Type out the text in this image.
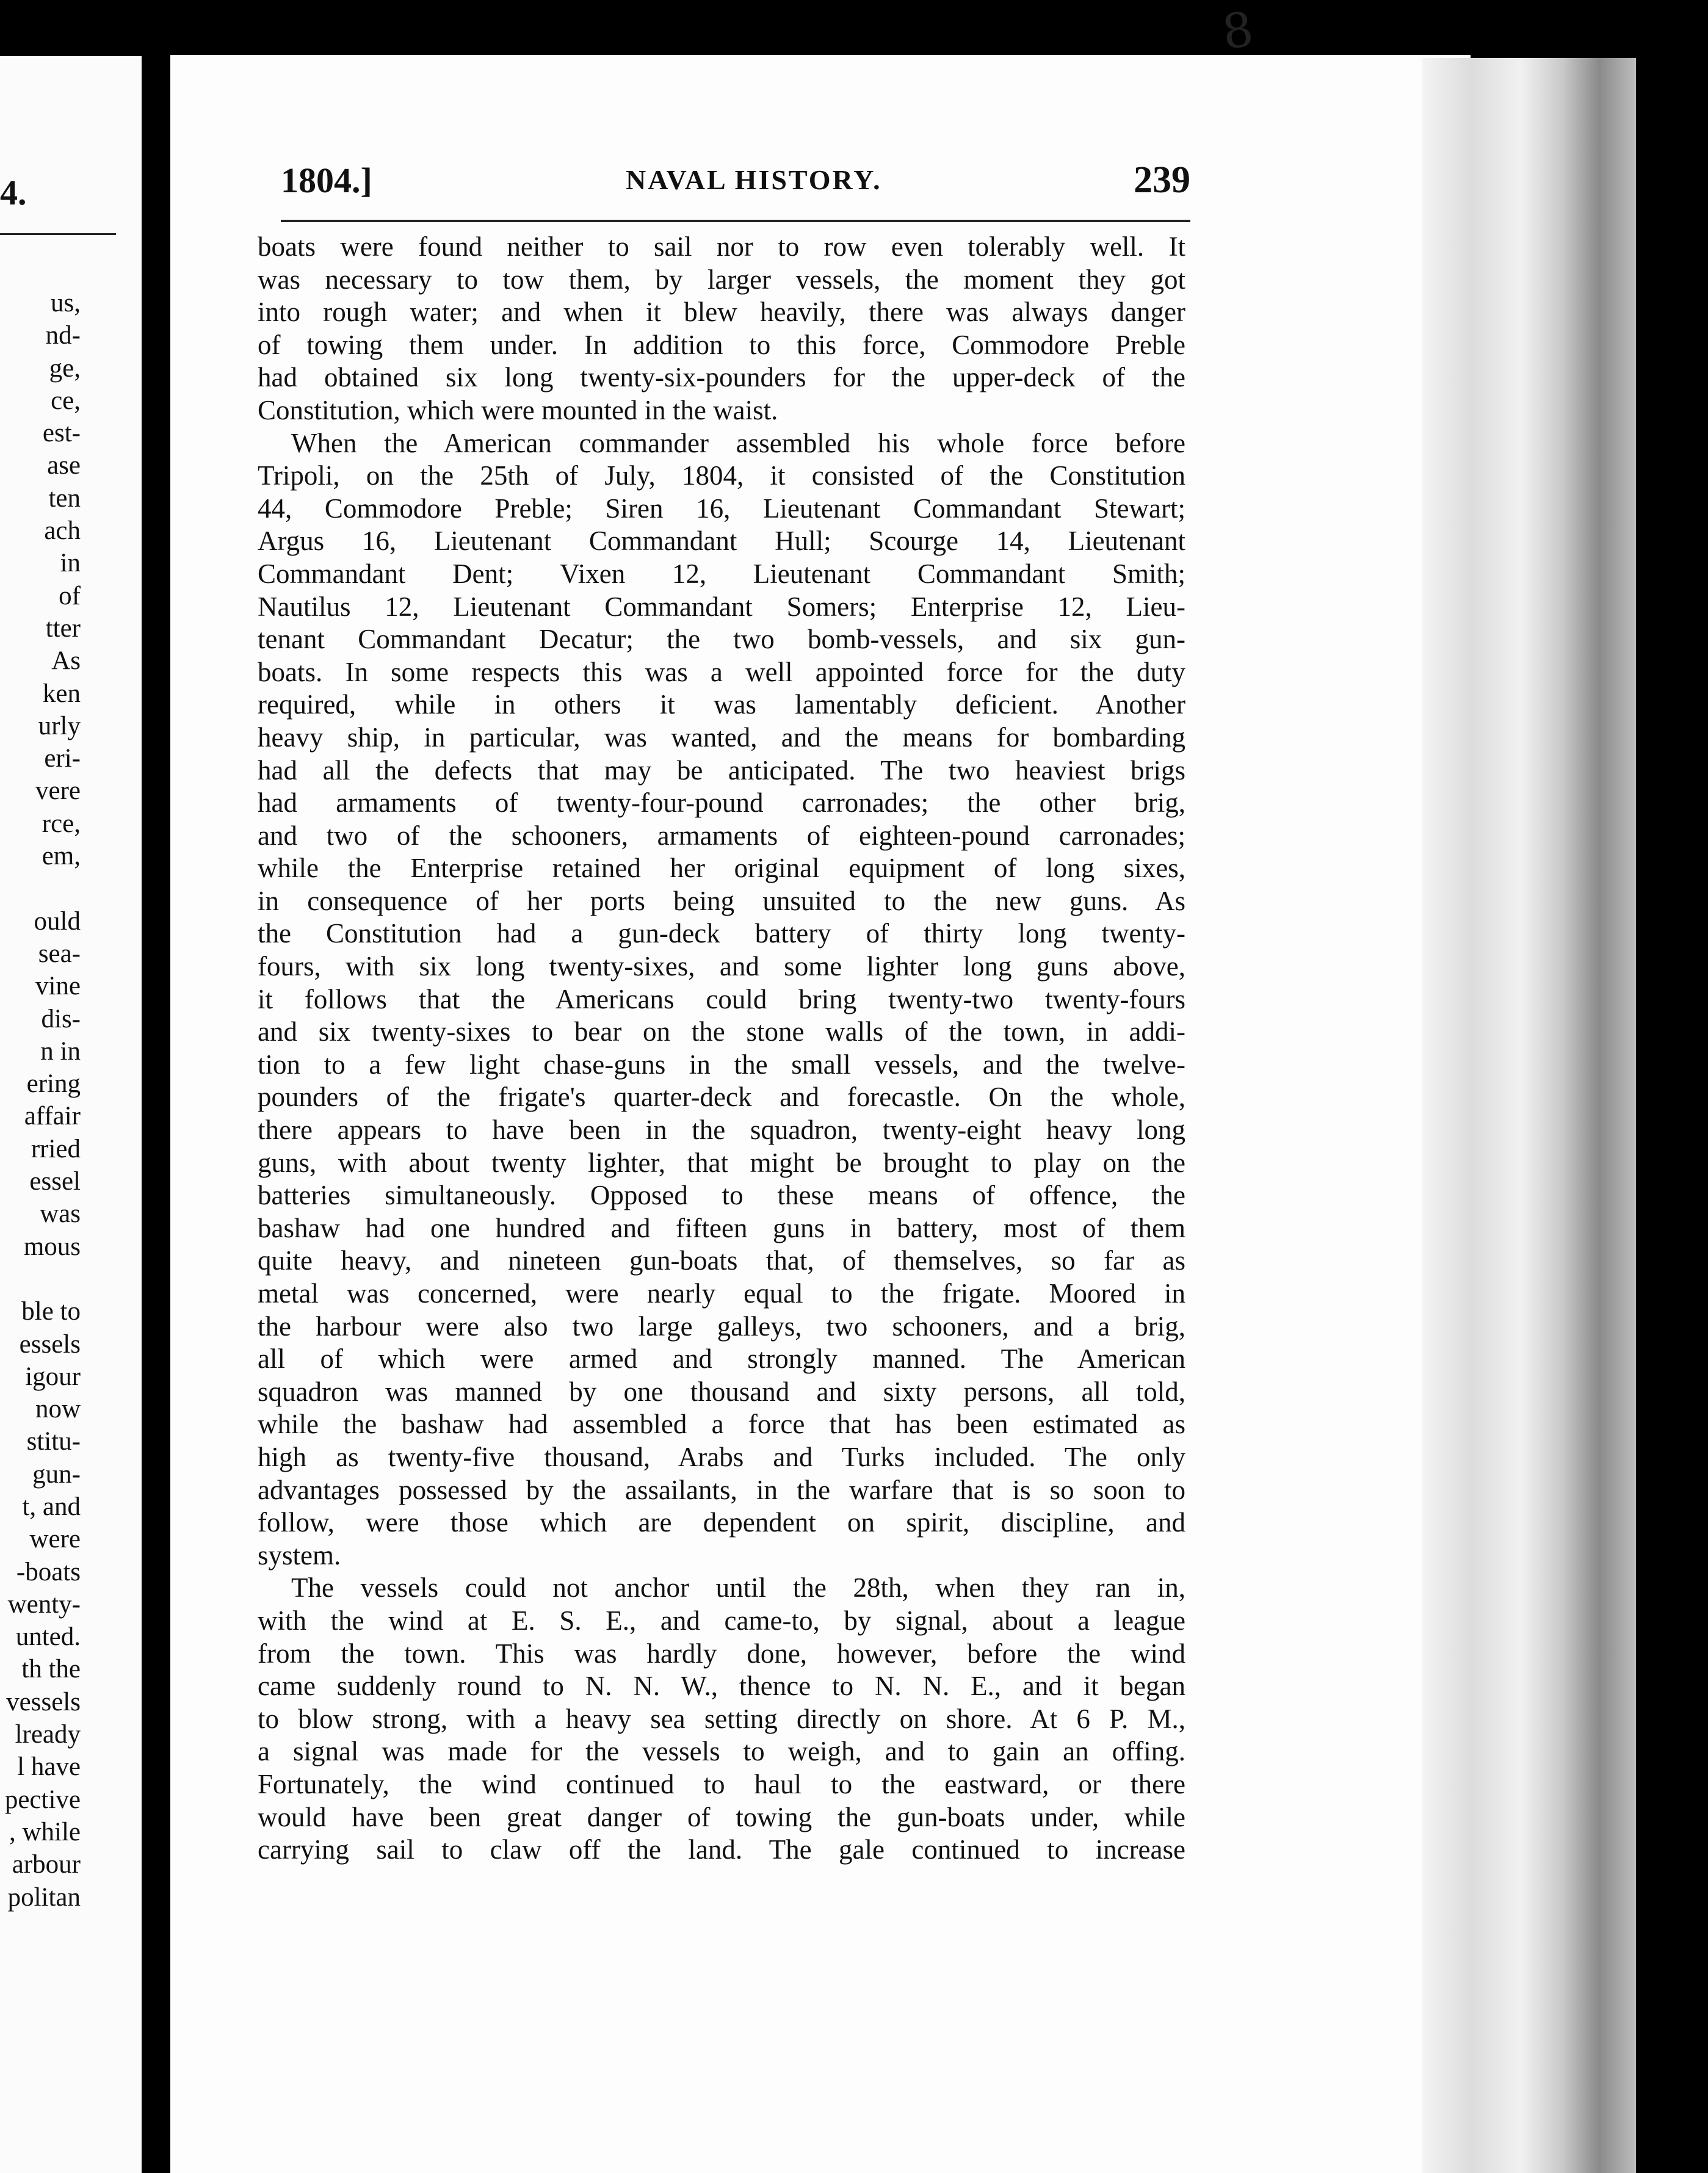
4.
us,
nd-
ge,
ce,
est-
ase
ten
ach
in
of
tter
As
ken
urly
eri-
vere
rce,
em,

ould
sea-
vine
dis-
n in
ering
affair
rried
essel
was
mous

ble to
essels
igour
now
stitu-
gun-
t, and
were
-boats
wenty-
unted.
th the
vessels
lready
l have
pective
, while
arbour
politan
8
1804.]	NAVAL HISTORY.	239
boats were found neither to sail nor to row even tolerably well. It
was necessary to tow them, by larger vessels, the moment they got
into rough water; and when it blew heavily, there was always danger
of towing them under. In addition to this force, Commodore Preble
had obtained six long twenty-six-pounders for the upper-deck of the
Constitution, which were mounted in the waist.
When the American commander assembled his whole force before
Tripoli, on the 25th of July, 1804, it consisted of the Constitution
44, Commodore Preble; Siren 16, Lieutenant Commandant Stewart;
Argus 16, Lieutenant Commandant Hull; Scourge 14, Lieutenant
Commandant Dent; Vixen 12, Lieutenant Commandant Smith;
Nautilus 12, Lieutenant Commandant Somers; Enterprise 12, Lieu-
tenant Commandant Decatur; the two bomb-vessels, and six gun-
boats. In some respects this was a well appointed force for the duty
required, while in others it was lamentably deficient. Another
heavy ship, in particular, was wanted, and the means for bombarding
had all the defects that may be anticipated. The two heaviest brigs
had armaments of twenty-four-pound carronades; the other brig,
and two of the schooners, armaments of eighteen-pound carronades;
while the Enterprise retained her original equipment of long sixes,
in consequence of her ports being unsuited to the new guns. As
the Constitution had a gun-deck battery of thirty long twenty-
fours, with six long twenty-sixes, and some lighter long guns above,
it follows that the Americans could bring twenty-two twenty-fours
and six twenty-sixes to bear on the stone walls of the town, in addi-
tion to a few light chase-guns in the small vessels, and the twelve-
pounders of the frigate's quarter-deck and forecastle. On the whole,
there appears to have been in the squadron, twenty-eight heavy long
guns, with about twenty lighter, that might be brought to play on the
batteries simultaneously. Opposed to these means of offence, the
bashaw had one hundred and fifteen guns in battery, most of them
quite heavy, and nineteen gun-boats that, of themselves, so far as
metal was concerned, were nearly equal to the frigate. Moored in
the harbour were also two large galleys, two schooners, and a brig,
all of which were armed and strongly manned. The American
squadron was manned by one thousand and sixty persons, all told,
while the bashaw had assembled a force that has been estimated as
high as twenty-five thousand, Arabs and Turks included. The only
advantages possessed by the assailants, in the warfare that is so soon to
follow, were those which are dependent on spirit, discipline, and
system.
The vessels could not anchor until the 28th, when they ran in,
with the wind at E. S. E., and came-to, by signal, about a league
from the town. This was hardly done, however, before the wind
came suddenly round to N. N. W., thence to N. N. E., and it began
to blow strong, with a heavy sea setting directly on shore. At 6 P. M.,
a signal was made for the vessels to weigh, and to gain an offing.
Fortunately, the wind continued to haul to the eastward, or there
would have been great danger of towing the gun-boats under, while
carrying sail to claw off the land. The gale continued to increase
